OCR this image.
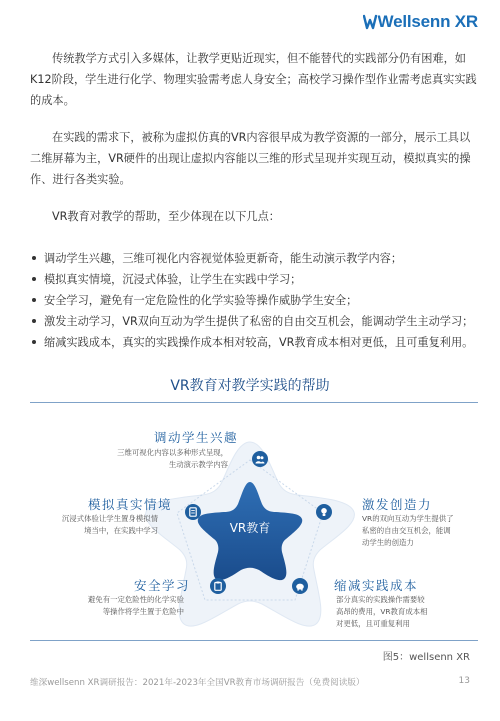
Wellsenn XR
传统教学方式引入多媒体，让教学更贴近现实，但不能替代的实践部分仍有困难，如
K12阶段，学生进行化学、物理实验需考虑人身安全；高校学习操作型作业需考虑真实实践
的成本。
在实践的需求下，被称为虚拟仿真的VR内容很早成为教学资源的一部分，展示工具以
二维屏幕为主，VR硬件的出现让虚拟内容能以三维的形式呈现并实现互动，模拟真实的操
作、进行各类实验。
VR教育对教学的帮助，至少体现在以下几点：
调动学生兴趣，三维可视化内容视觉体验更新奇，能生动演示教学内容；
模拟真实情境，沉浸式体验，让学生在实践中学习；
安全学习，避免有一定危险性的化学实验等操作威胁学生安全；
激发主动学习，VR双向互动为学生提供了私密的自由交互机会，能调动学生主动学习；
缩减实践成本，真实的实践操作成本相对较高，VR教育成本相对更低，且可重复利用。
VR教育对教学实践的帮助
VR教育
调动学生兴趣
三维可视化内容以多种形式呈现，
生动演示教学内容
模拟真实情境
沉浸式体验让学生置身模拟情
境当中，在实践中学习
激发创造力
VR的双向互动为学生提供了
私密的自由交互机会，能调
动学生的创造力
安全学习
避免有一定危险性的化学实验
等操作将学生置于危险中
缩减实践成本
部分真实的实践操作需要较
高昂的费用，VR教育成本相
对更低，且可重复利用
图5：wellsenn XR
维深wellsenn XR调研报告：2021年-2023年全国VR教育市场调研报告（免费阅读版）	13
